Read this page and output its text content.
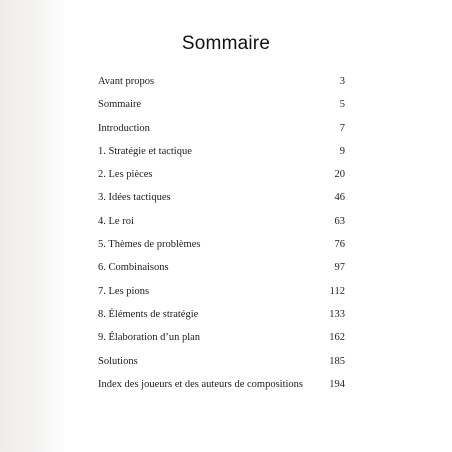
Sommaire
Avant propos	3
Sommaire	5
Introduction	7
1. Stratégie et tactique	9
2. Les pièces	20
3. Idées tactiques	46
4. Le roi	63
5. Thèmes de problèmes	76
6. Combinaisons	97
7. Les pions	112
8. Éléments de stratégie	133
9. Élaboration d’un plan	162
Solutions	185
Index des joueurs et des auteurs de compositions	194
